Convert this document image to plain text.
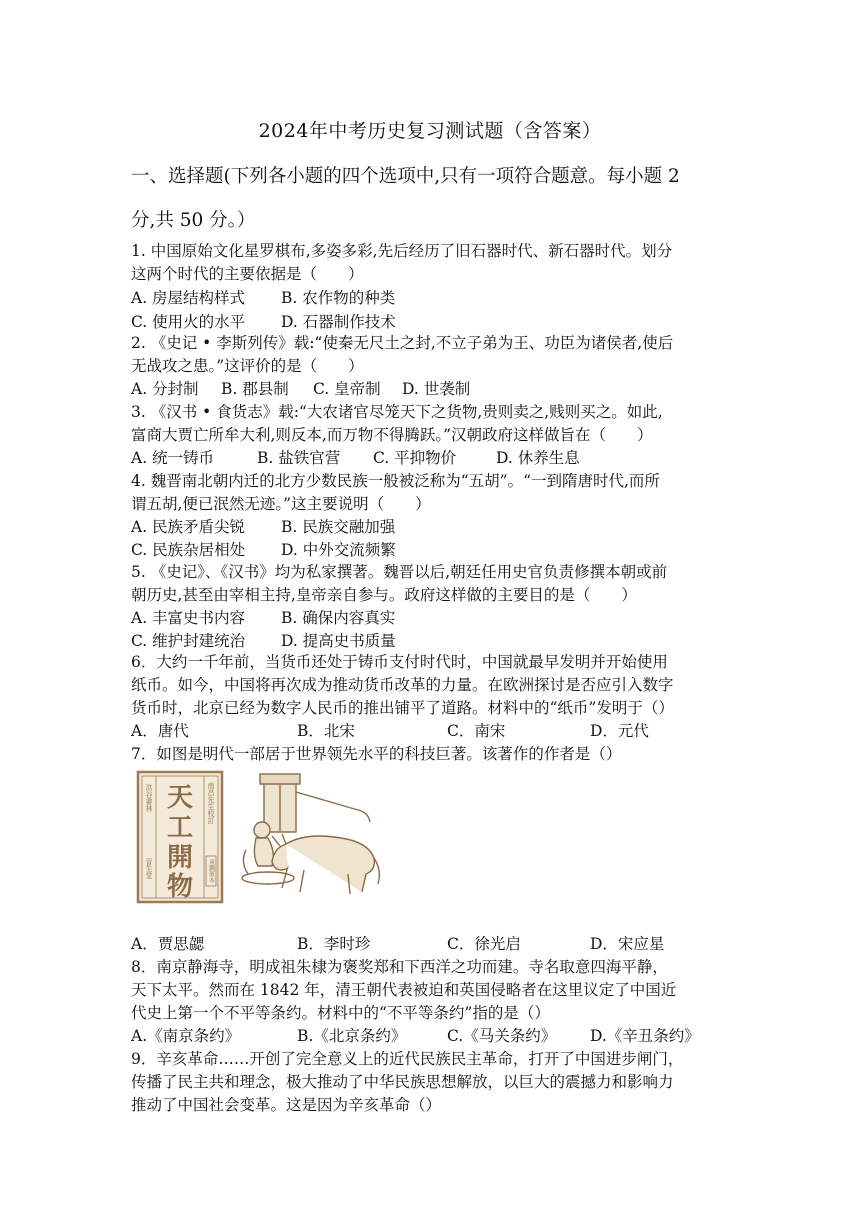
2024年中考历史复习测试题（含答案）
一、选择题(下列各小题的四个选项中,只有一项符合题意。每小题 2
分,共 50 分。）
1. 中国原始文化星罗棋布,多姿多彩,先后经历了旧石器时代、新石器时代。划分
这两个时代的主要依据是（　　）
A. 房屋结构样式 B. 农作物的种类
C. 使用火的水平 D. 石器制作技术
2. 《史记 • 李斯列传》载:“使秦无尺土之封,不立子弟为王、功臣为诸侯者,使后
无战攻之患。”这评价的是（　　）
A. 分封制 B. 郡县制 C. 皇帝制 D. 世袭制
3. 《汉书 • 食货志》载:“大农诸官尽笼天下之货物,贵则卖之,贱则买之。如此,
富商大贾亡所牟大利,则反本,而万物不得腾跃。”汉朝政府这样做旨在（　　）
A. 统一铸币	B. 盐铁官营 C. 平抑物价	D. 休养生息
4. 魏晋南北朝内迁的北方少数民族一般被泛称为“五胡”。“一到隋唐时代,而所
谓五胡,便已泯然无迹。”这主要说明（　　）
A. 民族矛盾尖锐 B. 民族交融加强
C. 民族杂居相处 D. 中外交流频繁
5. 《史记》、《汉书》均为私家撰著。魏晋以后,朝廷任用史官负责修撰本朝或前
朝历史,甚至由宰相主持,皇帝亲自参与。政府这样做的主要目的是（　　）
A. 丰富史书内容 B. 确保内容真实
C. 维护封建统治 D. 提高史书质量
6．大约一千年前，当货币还处于铸币支付时代时，中国就最早发明并开始使用
纸币。如今，中国将再次成为推动货币改革的力量。在欧洲探讨是否应引入数字
货币时，北京已经为数字人民币的推出铺平了道路。材料中的“纸币”发明于（）
A．唐代	B．北宋	C．南宋	D．元代
7．如图是明代一部居于世界领先水平的科技巨著。该著作的作者是（）
天
工
開
物
洪谷書林
晉生堂
南昌先生校訂
重鐫原本
A．贾思勰	B．李时珍	C．徐光启	D．宋应星
8．南京静海寺，明成祖朱棣为褒奖郑和下西洋之功而建。寺名取意四海平静，
天下太平。然而在 1842 年，清王朝代表被迫和英国侵略者在这里议定了中国近
代史上第一个不平等条约。材料中的“不平等条约”指的是（）
A.《南京条约》	B.《北京条约》	C.《马关条约》 D.《辛丑条约》
9．辛亥革命……开创了完全意义上的近代民族民主革命，打开了中国进步闸门，
传播了民主共和理念，极大推动了中华民族思想解放，以巨大的震撼力和影响力
推动了中国社会变革。这是因为辛亥革命（）
